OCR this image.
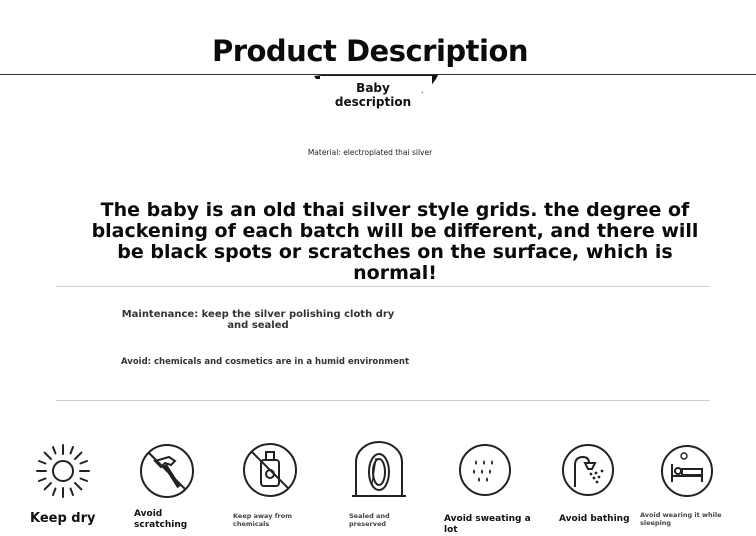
Product Description
Baby description
Material: electroplated thai silver
The baby is an old thai silver style grids. the degree of blackening of each batch will be different, and there will be black spots or scratches on the surface, which is normal!
Maintenance: keep the silver polishing cloth dry and sealed
Avoid: chemicals and cosmetics are in a humid environment
Keep dry	Avoid scratching
Keep away from chemicals
Sealed and preserved	Avoid sweating a lot
Avoid bathing	Avoid wearing it while sleeping
